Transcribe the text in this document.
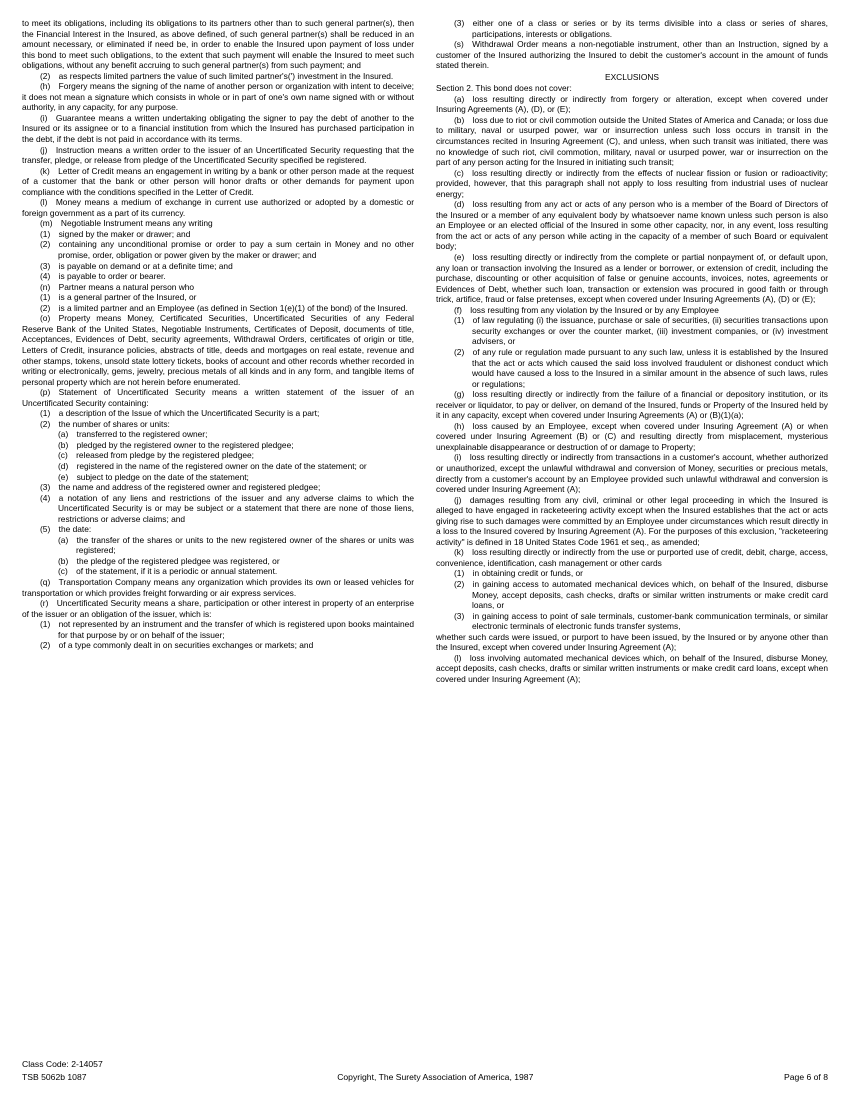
to meet its obligations, including its obligations to its partners other than to such general partner(s), then the Financial Interest in the Insured, as above defined, of such general partner(s) shall be reduced in an amount necessary, or eliminated if need be, in order to enable the Insured upon payment of loss under this bond to meet such obligations, to the extent that such payment will enable the Insured to meet such obligations, without any benefit accruing to such general partner(s) from such payment; and

(2) as respects limited partners the value of such limited partner's(') investment in the Insured.

(h) Forgery means the signing of the name of another person or organization with intent to deceive; it does not mean a signature which consists in whole or in part of one's own name signed with or without authority, in any capacity, for any purpose.

(i) Guarantee means a written undertaking obligating the signer to pay the debt of another to the Insured or its assignee or to a financial institution from which the Insured has purchased participation in the debt, if the debt is not paid in accordance with its terms.

(j) Instruction means a written order to the issuer of an Uncertificated Security requesting that the transfer, pledge, or release from pledge of the Uncertificated Security specified be registered.

(k) Letter of Credit means an engagement in writing by a bank or other person made at the request of a customer that the bank or other person will honor drafts or other demands for payment upon compliance with the conditions specified in the Letter of Credit.

(l) Money means a medium of exchange in current use authorized or adopted by a domestic or foreign government as a part of its currency.

(m) Negotiable Instrument means any writing

(1) signed by the maker or drawer; and

(2) containing any unconditional promise or order to pay a sum certain in Money and no other promise, order, obligation or power given by the maker or drawer; and

(3) is payable on demand or at a definite time; and

(4) is payable to order or bearer.

(n) Partner means a natural person who

(1) is a general partner of the Insured, or

(2) is a limited partner and an Employee (as defined in Section 1(e)(1) of the bond) of the Insured.

(o) Property means Money, Certificated Securities, Uncertificated Securities of any Federal Reserve Bank of the United States, Negotiable Instruments, Certificates of Deposit, documents of title, Acceptances, Evidences of Debt, security agreements, Withdrawal Orders, certificates of origin or title, Letters of Credit, insurance policies, abstracts of title, deeds and mortgages on real estate, revenue and other stamps, tokens, unsold state lottery tickets, books of account and other records whether recorded in writing or electronically, gems, jewelry, precious metals of all kinds and in any form, and tangible items of personal property which are not herein before enumerated.

(p) Statement of Uncertificated Security means a written statement of the issuer of an Uncertificated Security containing:

(1) a description of the Issue of which the Uncertificated Security is a part;

(2) the number of shares or units:

(a) transferred to the registered owner;

(b) pledged by the registered owner to the registered pledgee;

(c) released from pledge by the registered pledgee;

(d) registered in the name of the registered owner on the date of the statement; or

(e) subject to pledge on the date of the statement;

(3) the name and address of the registered owner and registered pledgee;

(4) a notation of any liens and restrictions of the issuer and any adverse claims to which the Uncertificated Security is or may be subject or a statement that there are none of those liens, restrictions or adverse claims; and

(5) the date:

(a) the transfer of the shares or units to the new registered owner of the shares or units was registered;

(b) the pledge of the registered pledgee was registered, or

(c) of the statement, if it is a periodic or annual statement.

(q) Transportation Company means any organization which provides its own or leased vehicles for transportation or which provides freight forwarding or air express services.

(r) Uncertificated Security means a share, participation or other interest in property of an enterprise of the issuer or an obligation of the issuer, which is:

(1) not represented by an instrument and the transfer of which is registered upon books maintained for that purpose by or on behalf of the issuer;

(2) of a type commonly dealt in on securities exchanges or markets; and

(3) either one of a class or series or by its terms divisible into a class or series of shares, participations, interests or obligations.

(s) Withdrawal Order means a non-negotiable instrument, other than an Instruction, signed by a customer of the Insured authorizing the Insured to debit the customer's account in the amount of funds stated therein.

EXCLUSIONS

Section 2. This bond does not cover:

(a) loss resulting directly or indirectly from forgery or alteration, except when covered under Insuring Agreements (A), (D), or (E);

(b) loss due to riot or civil commotion outside the United States of America and Canada; or loss due to military, naval or usurped power, war or insurrection unless such loss occurs in transit in the circumstances recited in Insuring Agreement (C), and unless, when such transit was initiated, there was no knowledge of such riot, civil commotion, military, naval or usurped power, war or insurrection on the part of any person acting for the Insured in initiating such transit;

(c) loss resulting directly or indirectly from the effects of nuclear fission or fusion or radioactivity; provided, however, that this paragraph shall not apply to loss resulting from industrial uses of nuclear energy;

(d) loss resulting from any act or acts of any person who is a member of the Board of Directors of the Insured or a member of any equivalent body by whatsoever name known unless such person is also an Employee or an elected official of the Insured in some other capacity, nor, in any event, loss resulting from the act or acts of any person while acting in the capacity of a member of such Board or equivalent body;

(e) loss resulting directly or indirectly from the complete or partial nonpayment of, or default upon, any loan or transaction involving the Insured as a lender or borrower, or extension of credit, including the purchase, discounting or other acquisition of false or genuine accounts, invoices, notes, agreements or Evidences of Debt, whether such loan, transaction or extension was procured in good faith or through trick, artifice, fraud or false pretenses, except when covered under Insuring Agreements (A), (D) or (E);

(f) loss resulting from any violation by the Insured or by any Employee

(1) of law regulating (i) the issuance, purchase or sale of securities, (ii) securities transactions upon security exchanges or over the counter market, (iii) investment companies, or (iv) investment advisers, or

(2) of any rule or regulation made pursuant to any such law, unless it is established by the Insured that the act or acts which caused the said loss involved fraudulent or dishonest conduct which would have caused a loss to the Insured in a similar amount in the absence of such laws, rules or regulations;

(g) loss resulting directly or indirectly from the failure of a financial or depository institution, or its receiver or liquidator, to pay or deliver, on demand of the Insured, funds or Property of the Insured held by it in any capacity, except when covered under Insuring Agreements (A) or (B)(1)(a);

(h) loss caused by an Employee, except when covered under Insuring Agreement (A) or when covered under Insuring Agreement (B) or (C) and resulting directly from misplacement, mysterious unexplainable disappearance or destruction of or damage to Property;

(i) loss resulting directly or indirectly from transactions in a customer's account, whether authorized or unauthorized, except the unlawful withdrawal and conversion of Money, securities or precious metals, directly from a customer's account by an Employee provided such unlawful withdrawal and conversion is covered under Insuring Agreement (A);

(j) damages resulting from any civil, criminal or other legal proceeding in which the Insured is alleged to have engaged in racketeering activity except when the Insured establishes that the act or acts giving rise to such damages were committed by an Employee under circumstances which result directly in a loss to the Insured covered by Insuring Agreement (A). For the purposes of this exclusion, "racketeering activity" is defined in 18 United States Code 1961 et seq., as amended;

(k) loss resulting directly or indirectly from the use or purported use of credit, debit, charge, access, convenience, identification, cash management or other cards

(1) in obtaining credit or funds, or

(2) in gaining access to automated mechanical devices which, on behalf of the Insured, disburse Money, accept deposits, cash checks, drafts or similar written instruments or make credit card loans, or

(3) in gaining access to point of sale terminals, customer-bank communication terminals, or similar electronic terminals of electronic funds transfer systems,

whether such cards were issued, or purport to have been issued, by the Insured or by anyone other than the Insured, except when covered under Insuring Agreement (A);

(l) loss involving automated mechanical devices which, on behalf of the Insured, disburse Money, accept deposits, cash checks, drafts or similar written instruments or make credit card loans, except when covered under Insuring Agreement (A);

Class Code: 2-14057
TSB 5062b 1087	Copyright, The Surety Association of America, 1987	Page 6 of 8
